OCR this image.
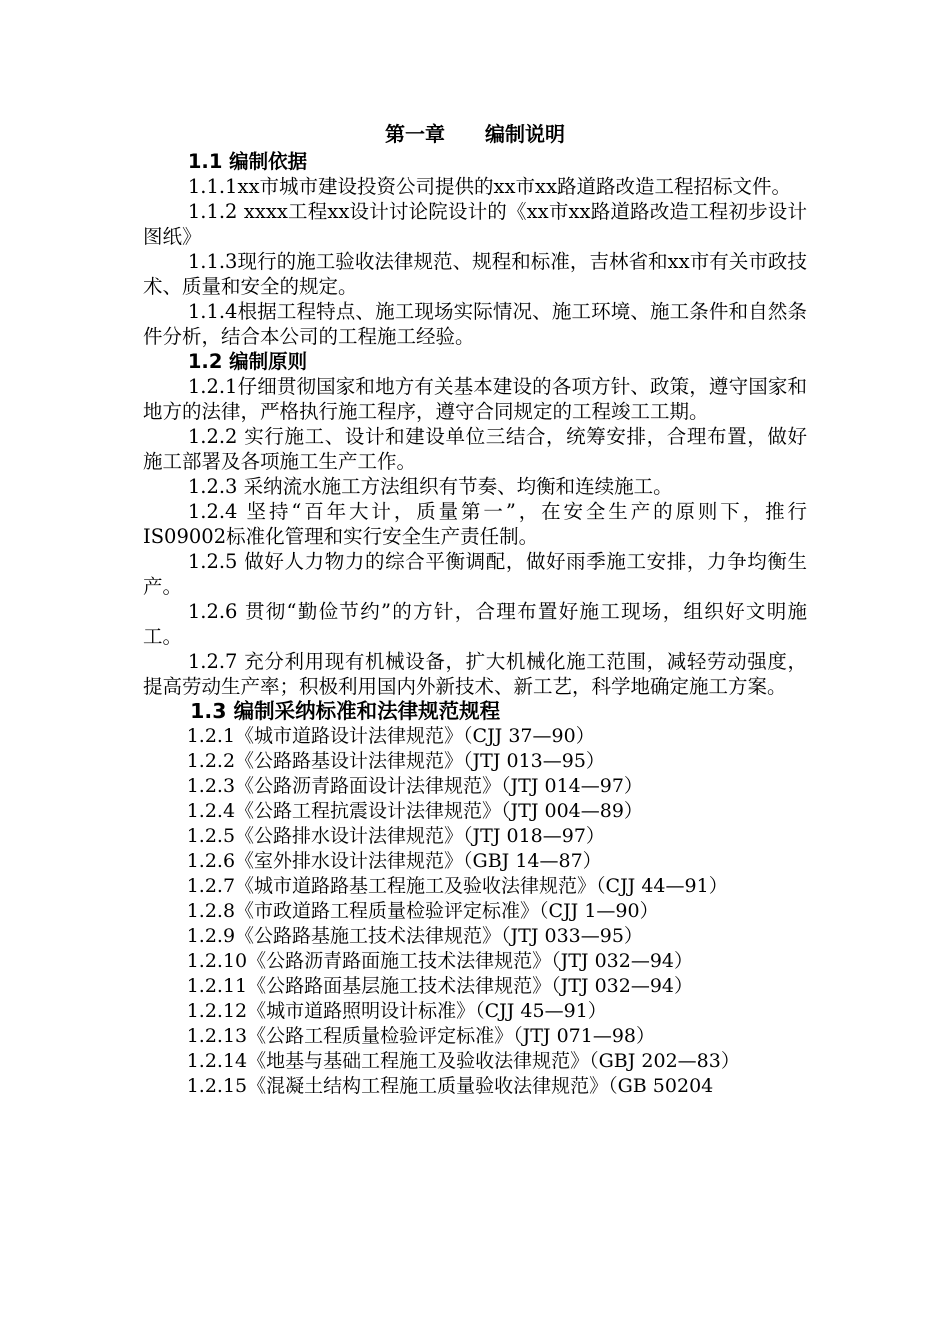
第一章　　编制说明
1.1 编制依据

1.1.1xx市城市建设投资公司提供的xx市xx路道路改造工程招标文件。

1.1.2 xxxx工程xx设计讨论院设计的《xx市xx路道路改造工程初步设计图纸》

1.1.3现行的施工验收法律规范、规程和标准，吉林省和xx市有关市政技术、质量和安全的规定。

1.1.4根据工程特点、施工现场实际情况、施工环境、施工条件和自然条件分析，结合本公司的工程施工经验。

1.2 编制原则

1.2.1仔细贯彻国家和地方有关基本建设的各项方针、政策，遵守国家和地方的法律，严格执行施工程序，遵守合同规定的工程竣工工期。

1.2.2 实行施工、设计和建设单位三结合，统筹安排，合理布置，做好施工部署及各项施工生产工作。

1.2.3 采纳流水施工方法组织有节奏、均衡和连续施工。

1.2.4 坚持“百年大计，质量第一”，在安全生产的原则下，推行IS09002标准化管理和实行安全生产责任制。

1.2.5 做好人力物力的综合平衡调配，做好雨季施工安排，力争均衡生产。

1.2.6 贯彻“勤俭节约”的方针，合理布置好施工现场，组织好文明施工。

1.2.7 充分利用现有机械设备，扩大机械化施工范围，减轻劳动强度，提高劳动生产率；积极利用国内外新技术、新工艺，科学地确定施工方案。

1.3 编制采纳标准和法律规范规程

1.2.1《城市道路设计法律规范》（CJJ 37—90）

1.2.2《公路路基设计法律规范》（JTJ 013—95）

1.2.3《公路沥青路面设计法律规范》（JTJ 014—97）

1.2.4《公路工程抗震设计法律规范》（JTJ 004—89）

1.2.5《公路排水设计法律规范》（JTJ 018—97）

1.2.6《室外排水设计法律规范》（GBJ 14—87）

1.2.7《城市道路路基工程施工及验收法律规范》（CJJ 44—91）

1.2.8《市政道路工程质量检验评定标准》（CJJ 1—90）

1.2.9《公路路基施工技术法律规范》（JTJ 033—95）

1.2.10《公路沥青路面施工技术法律规范》（JTJ 032—94）

1.2.11《公路路面基层施工技术法律规范》（JTJ 032—94）

1.2.12《城市道路照明设计标准》（CJJ 45—91）

1.2.13《公路工程质量检验评定标准》（JTJ 071—98）

1.2.14《地基与基础工程施工及验收法律规范》（GBJ 202—83）

1.2.15《混凝土结构工程施工质量验收法律规范》（GB 50204
